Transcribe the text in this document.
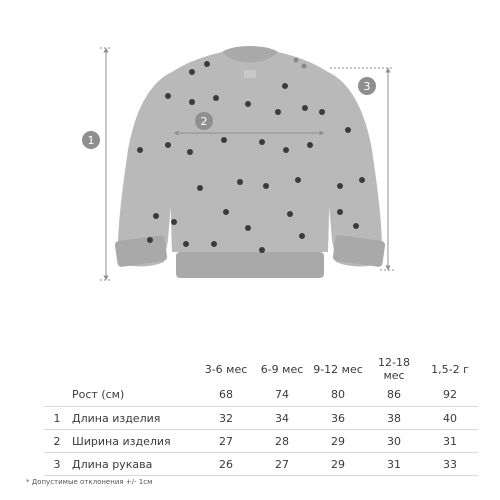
1
2
3
		3-6 мес	6-9 мес	9-12 мес	12-18 мес	1,5-2 г
	Рост (см)	68	74	80	86	92
1	Длина изделия	32	34	36	38	40
2	Ширина изделия	27	28	29	30	31
3	Длина рукава	26	27	29	31	33
* Допустимые отклонения +/- 1см
